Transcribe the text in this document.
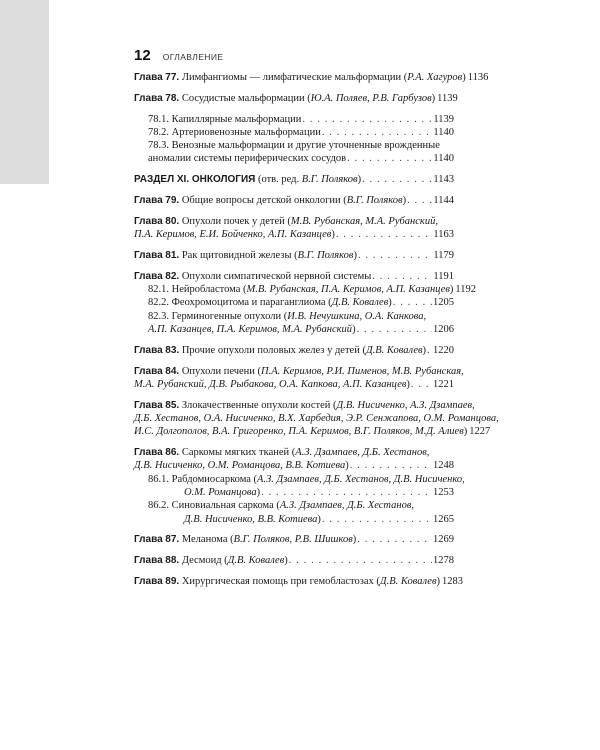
12 ОГЛАВЛЕНИЕ
Глава 77. Лимфангиомы — лимфатические мальформации (Р.А. Хагуров) 1136
Глава 78. Сосудистые мальформации (Ю.А. Поляев, Р.В. Гарбузов) 1139
78.1. Капиллярные мальформации . . .	1139
78.2. Артериовенозные мальформации . . .	1140
78.3. Венозные мальформации и другие уточненные врожденные
аномалии системы периферических сосудов . . .	1140
РАЗДЕЛ XI. ОНКОЛОГИЯ (отв. ред. В.Г. Поляков) . . .	1143
Глава 79. Общие вопросы детской онкологии (В.Г. Поляков) . . .	1144
Глава 80. Опухоли почек у детей (М.В. Рубанская, М.А. Рубанский,
П.А. Керимов, Е.И. Бойченко, А.П. Казанцев) . . .	1163
Глава 81. Рак щитовидной железы (В.Г. Поляков) . . .	1179
Глава 82. Опухоли симпатической нервной системы . . .	1191
82.1. Нейробластома (М.В. Рубанская, П.А. Керимов, А.П. Казанцев) 1192
82.2. Феохромоцитома и параганглиома (Д.В. Ковалев) . . .	1205
82.3. Герминогенные опухоли (И.В. Нечушкина, О.А. Канкова,
А.П. Казанцев, П.А. Керимов, М.А. Рубанский) . . .	1206
Глава 83. Прочие опухоли половых желез у детей (Д.В. Ковалев) . . . 1220
Глава 84. Опухоли печени (П.А. Керимов, Р.И. Пименов, М.В. Рубанская,
М.А. Рубанский, Д.В. Рыбакова, О.А. Капкова, А.П. Казанцев) . . . 1221
Глава 85. Злокачественные опухоли костей (Д.В. Нисиченко, А.З. Дзампаев,
Д.Б. Хестанов, О.А. Нисиченко, В.Х. Харбедия, Э.Р. Сенжапова, О.М. Романцова,
И.С. Долгополов, В.А. Григоренко, П.А. Керимов, В.Г. Поляков, М.Д. Алиев) 1227
Глава 86. Саркомы мягких тканей (А.З. Дзампаев, Д.Б. Хестанов,
Д.В. Нисиченко, О.М. Романцова, В.В. Котиева) . . .	1248
86.1. Рабдомиосаркома (А.З. Дзампаев, Д.Б. Хестанов, Д.В. Нисиченко,
О.М. Романцова) . . .	1253
86.2. Синовиальная саркома (А.З. Дзампаев, Д.Б. Хестанов,
Д.В. Нисиченко, В.В. Котиева) . . .	1265
Глава 87. Меланома (В.Г. Поляков, Р.В. Шишков) . . .	1269
Глава 88. Десмоид (Д.В. Ковалев) . . .	1278
Глава 89. Хирургическая помощь при гемобластозах (Д.В. Ковалев) 1283
